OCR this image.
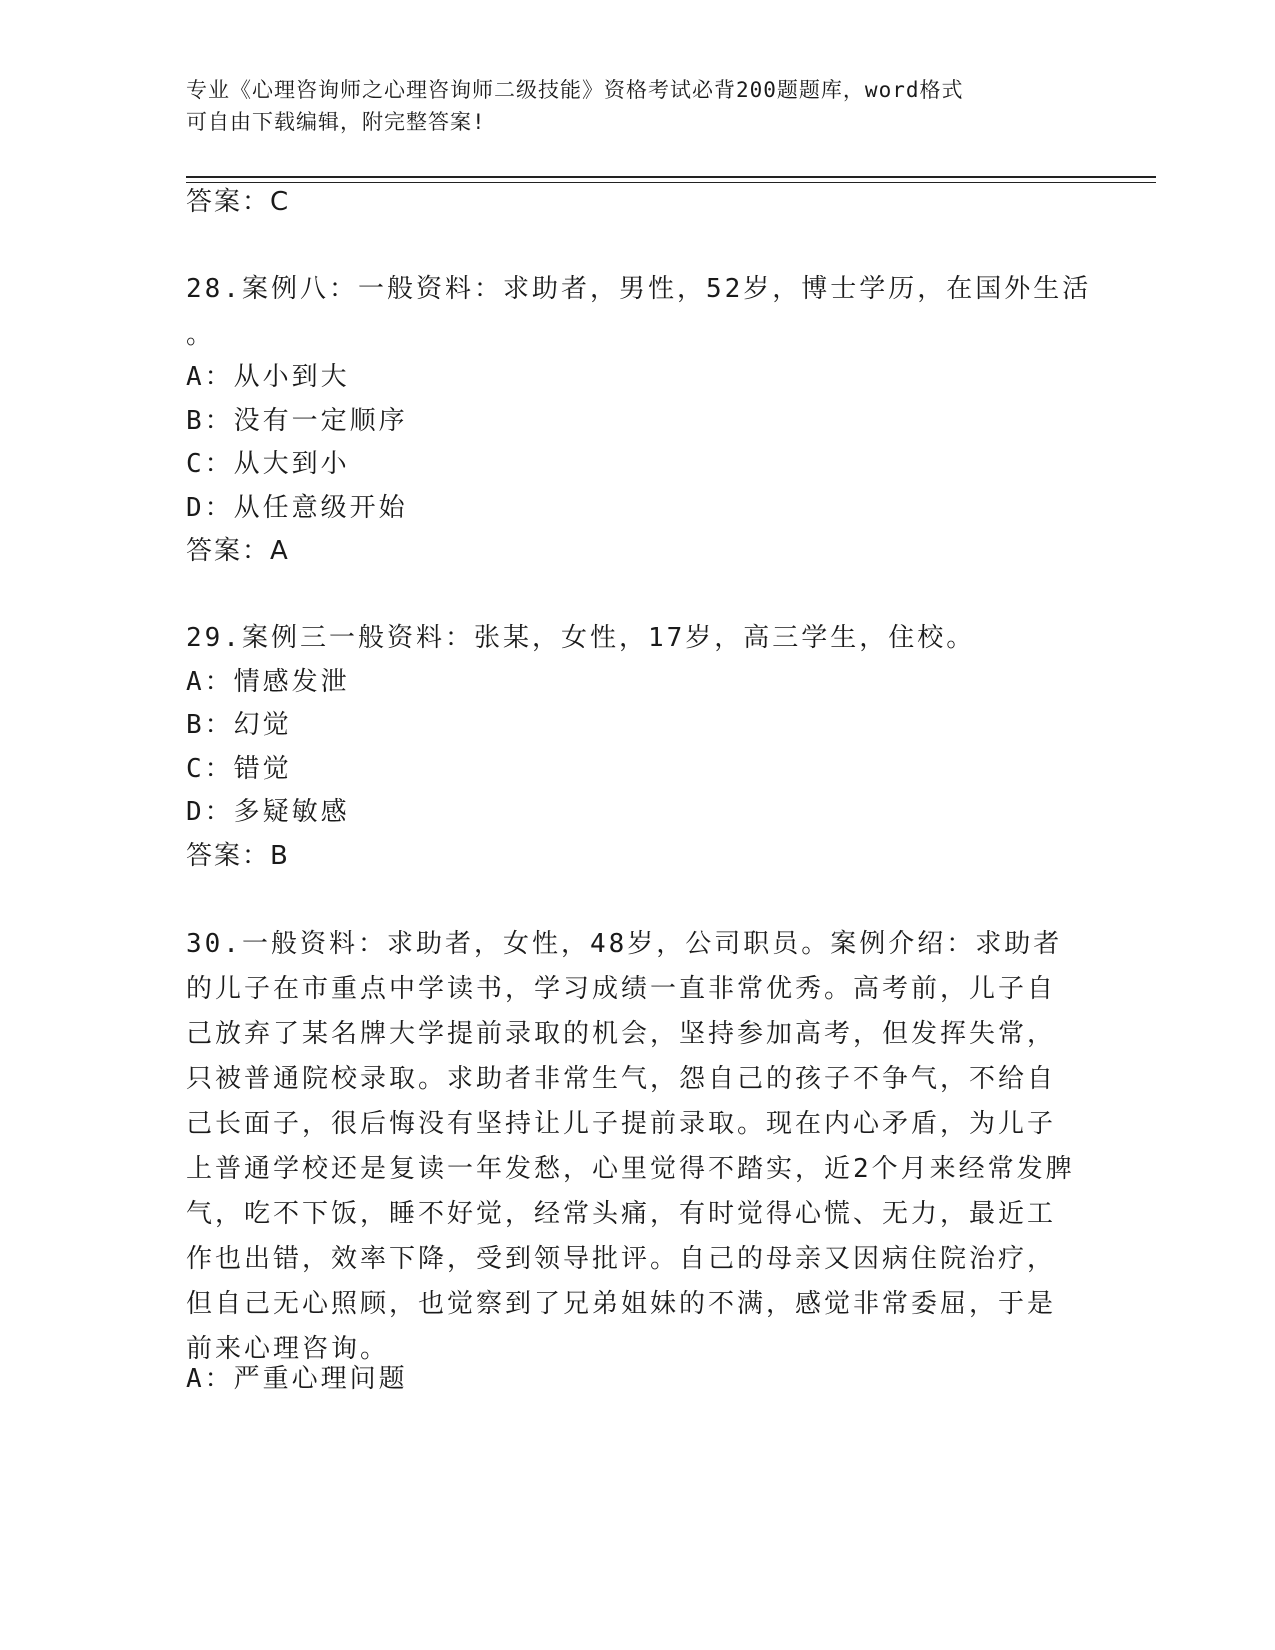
专业《心理咨询师之心理咨询师二级技能》资格考试必背200题题库，word格式
可自由下载编辑，附完整答案!
答案：C
28.案例八：一般资料：求助者，男性，52岁，博士学历，在国外生活
。
A：从小到大
B：没有一定顺序
C：从大到小
D：从任意级开始
答案：A
29.案例三一般资料：张某，女性，17岁，高三学生，住校。
A：情感发泄
B：幻觉
C：错觉
D：多疑敏感
答案：B
30.一般资料：求助者，女性，48岁，公司职员。案例介绍：求助者的儿子在市重点中学读书，学习成绩一直非常优秀。高考前，儿子自己放弃了某名牌大学提前录取的机会，坚持参加高考，但发挥失常，只被普通院校录取。求助者非常生气，怨自己的孩子不争气，不给自己长面子，很后悔没有坚持让儿子提前录取。现在内心矛盾，为儿子上普通学校还是复读一年发愁，心里觉得不踏实，近2个月来经常发脾气，吃不下饭，睡不好觉，经常头痛，有时觉得心慌、无力，最近工作也出错，效率下降，受到领导批评。自己的母亲又因病住院治疗，但自己无心照顾，也觉察到了兄弟姐妹的不满，感觉非常委屈，于是前来心理咨询。
A：严重心理问题
